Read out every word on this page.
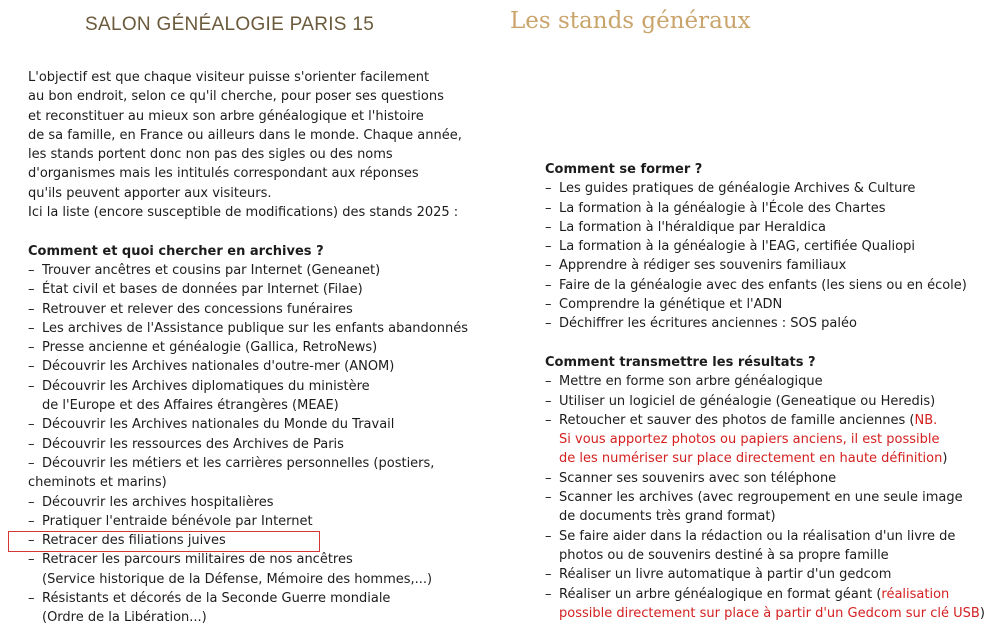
SALON GÉNÉALOGIE PARIS 15	Les stands généraux
L'objectif est que chaque visiteur puisse s'orienter facilement
au bon endroit, selon ce qu'il cherche, pour poser ses questions
et reconstituer au mieux son arbre généalogique et l'histoire
de sa famille, en France ou ailleurs dans le monde. Chaque année,
les stands portent donc non pas des sigles ou des noms
d'organismes mais les intitulés correspondant aux réponses
qu'ils peuvent apporter aux visiteurs.
Ici la liste (encore susceptible de modifications) des stands 2025 :
Comment et quoi chercher en archives ?
– Trouver ancêtres et cousins par Internet (Geneanet)
– État civil et bases de données par Internet (Filae)
– Retrouver et relever des concessions funéraires
– Les archives de l'Assistance publique sur les enfants abandonnés
– Presse ancienne et généalogie (Gallica, RetroNews)
– Découvrir les Archives nationales d'outre-mer (ANOM)
– Découvrir les Archives diplomatiques du ministère
de l'Europe et des Affaires étrangères (MEAE)
– Découvrir les Archives nationales du Monde du Travail
– Découvrir les ressources des Archives de Paris
– Découvrir les métiers et les carrières personnelles (postiers,
cheminots et marins)
– Découvrir les archives hospitalières
– Pratiquer l'entraide bénévole par Internet
– Retracer des filiations juives
– Retracer les parcours militaires de nos ancêtres
(Service historique de la Défense, Mémoire des hommes,...)
– Résistants et décorés de la Seconde Guerre mondiale
(Ordre de la Libération...)
Comment se former ?
– Les guides pratiques de généalogie Archives & Culture
– La formation à la généalogie à l'École des Chartes
– La formation à l'héraldique par Heraldica
– La formation à la généalogie à l'EAG, certifiée Qualiopi
– Apprendre à rédiger ses souvenirs familiaux
– Faire de la généalogie avec des enfants (les siens ou en école)
– Comprendre la génétique et l'ADN
– Déchiffrer les écritures anciennes : SOS paléo
Comment transmettre les résultats ?
– Mettre en forme son arbre généalogique
– Utiliser un logiciel de généalogie (Geneatique ou Heredis)
– Retoucher et sauver des photos de famille anciennes (NB.
Si vous apportez photos ou papiers anciens, il est possible
de les numériser sur place directement en haute définition)
– Scanner ses souvenirs avec son téléphone
– Scanner les archives (avec regroupement en une seule image
de documents très grand format)
– Se faire aider dans la rédaction ou la réalisation d'un livre de
photos ou de souvenirs destiné à sa propre famille
– Réaliser un livre automatique à partir d'un gedcom
– Réaliser un arbre généalogique en format géant (réalisation
possible directement sur place à partir d'un Gedcom sur clé USB)
